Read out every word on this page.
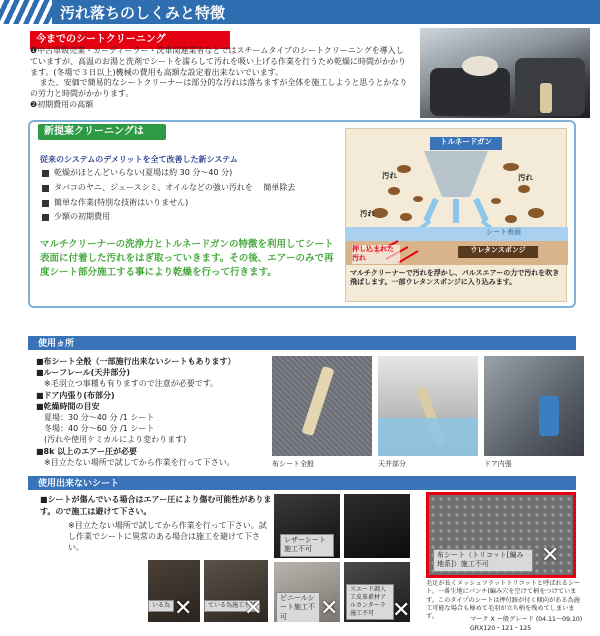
汚れ落ちのしくみと特徴
今までのシートクリーニング

❶中古車販売業・カーディーラー・洗車関連業者などではスチームタイプのシートクリーニングを導入していますが、高温のお湯と洗剤でシートを濡らして汚れを吸い上げる作業を行うため乾燥に時間がかかります。(冬場で３日以上)機械の費用も高額な設定着出来ないでいます。

また、安価で簡易的なシートクリーナーは部分的な汚れは落ちますが全体を施工しようと思うとかなりの労力と時間がかかります。

❷初期費用の高額

新提案クリーニングは
従来のシステムのデメリットを全て改善した新システム
乾燥がほとんどいらない(夏場は約 30 分〜40 分)
タバコのヤニ、ジュースシミ、オイルなどの強い汚れを　 簡単除去
簡単な作業(特別な技術はいりません)
少額の初期費用
マルチクリーナーの洗浄力とトルネードガンの特徴を利用してシート表面に付着した汚れをはぎ取っていきます。その後、エアーのみで再度シート部分施工する事により乾燥を行って行きます。
トルネードガン
汚れ	汚れ
汚れ
シート表面
押し込まれた汚れ
ウレタンスポンジ
マルチクリーナーで汚れを浮かし、パルスエアーの力で汚れを吹き飛ばします。一部ウレタンスポンジに入り込みます。
使用ヵ所
■布シート全般（一部施行出来ないシートもあります）
■ルーフレール(天井部分)
　※毛羽立つ事種も有りますので注意が必要です。
■ドア内張り(布部分)
■乾燥時間の目安
　夏場：30 分〜40 分 /1 シート
　冬場：40 分〜60 分 /1 シート
　(汚れや使用ケミカルにより変わります)
■8k 以上のエアー圧が必要
　※目立たない場所で試してから作業を行って下さい。	布シート全般	天井部分	ドア内張
使用出来ないシート
■シートが傷んでいる場合はエアー圧により傷む可能性があります。ので施工は避けて下さい。
※目立たない場所で試してから作業を行って下さい。試し作業でシートに異常のある場合は施工を避けて下さい。
いる為 ✕	ている為施工不可
✕
レザーシート施工不可
ビニールシート施工不可	✕
スエード調人工皮革素材アルカンターラ施工不可 ✕
布シート（トリコット[編み地系]）施工不可	✕
毛足が長くメッシュフラットトリコットと呼ばれるシート。一番生地にパンチ(編み穴を空けて柄をつけています。このタイプのシートは押付跡が付く傾向がある為施工可能な場合も極めて毛羽が立ち柄を残めてしまいます。	マーク X ー般グレード (04.11〜09.10)
GRX120・121・125
